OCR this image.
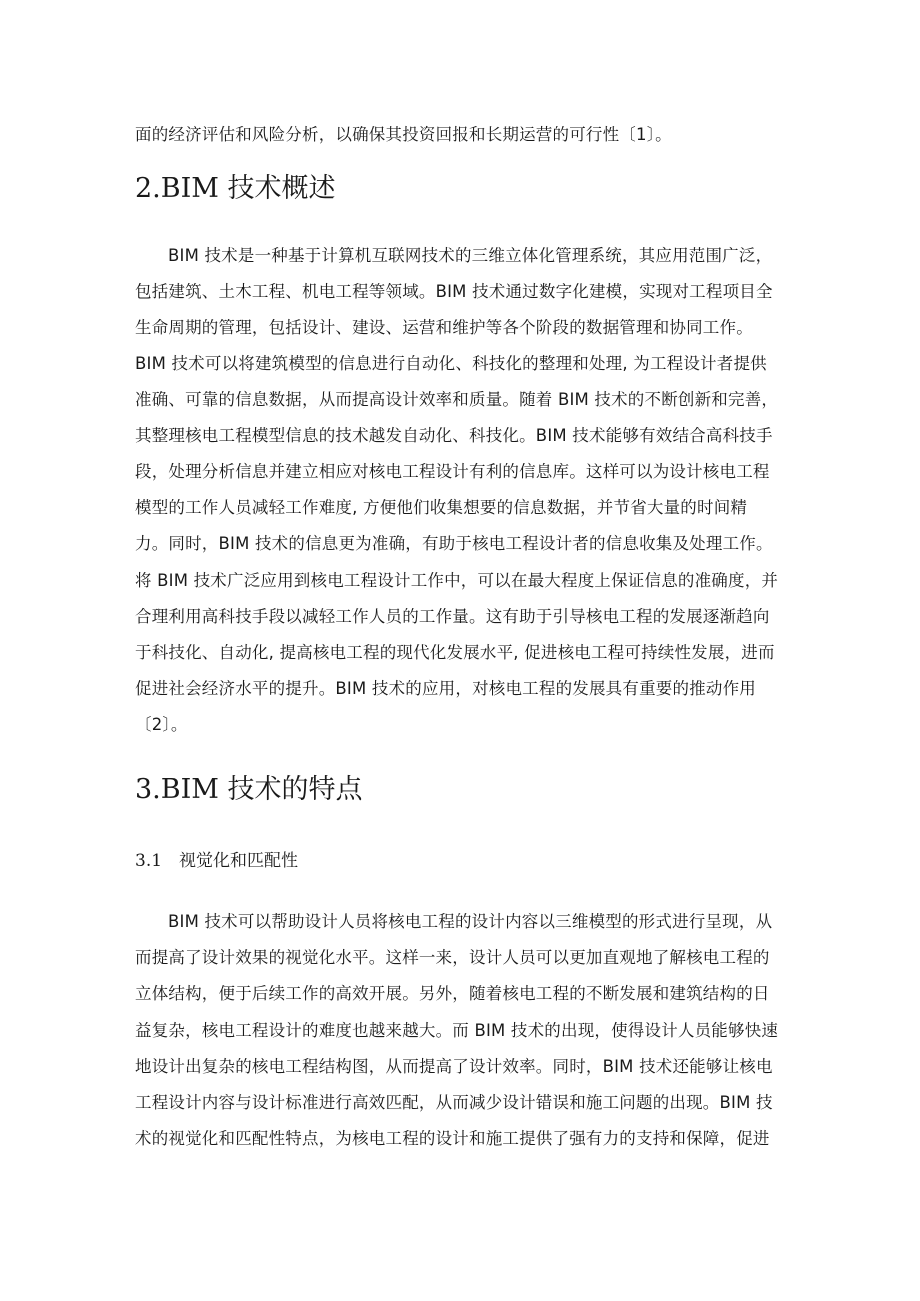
面的经济评估和风险分析，以确保其投资回报和长期运营的可行性〔1〕。
2.BIM 技术概述
BIM 技术是一种基于计算机互联网技术的三维立体化管理系统，其应用范围广泛，
包括建筑、土木工程、机电工程等领域。BIM 技术通过数字化建模，实现对工程项目全
生命周期的管理，包括设计、建设、运营和维护等各个阶段的数据管理和协同工作。
BIM 技术可以将建筑模型的信息进行自动化、科技化的整理和处理, 为工程设计者提供
准确、可靠的信息数据，从而提高设计效率和质量。随着 BIM 技术的不断创新和完善，
其整理核电工程模型信息的技术越发自动化、科技化。BIM 技术能够有效结合高科技手
段，处理分析信息并建立相应对核电工程设计有利的信息库。这样可以为设计核电工程
模型的工作人员减轻工作难度, 方便他们收集想要的信息数据，并节省大量的时间精
力。同时，BIM 技术的信息更为准确，有助于核电工程设计者的信息收集及处理工作。
将 BIM 技术广泛应用到核电工程设计工作中，可以在最大程度上保证信息的准确度，并
合理利用高科技手段以减轻工作人员的工作量。这有助于引导核电工程的发展逐渐趋向
于科技化、自动化, 提高核电工程的现代化发展水平, 促进核电工程可持续性发展，进而
促进社会经济水平的提升。BIM 技术的应用，对核电工程的发展具有重要的推动作用
〔2〕。
3.BIM 技术的特点
3.1　视觉化和匹配性
BIM 技术可以帮助设计人员将核电工程的设计内容以三维模型的形式进行呈现，从
而提高了设计效果的视觉化水平。这样一来，设计人员可以更加直观地了解核电工程的
立体结构，便于后续工作的高效开展。另外，随着核电工程的不断发展和建筑结构的日
益复杂，核电工程设计的难度也越来越大。而 BIM 技术的出现，使得设计人员能够快速
地设计出复杂的核电工程结构图，从而提高了设计效率。同时，BIM 技术还能够让核电
工程设计内容与设计标准进行高效匹配，从而减少设计错误和施工问题的出现。BIM 技
术的视觉化和匹配性特点，为核电工程的设计和施工提供了强有力的支持和保障，促进
